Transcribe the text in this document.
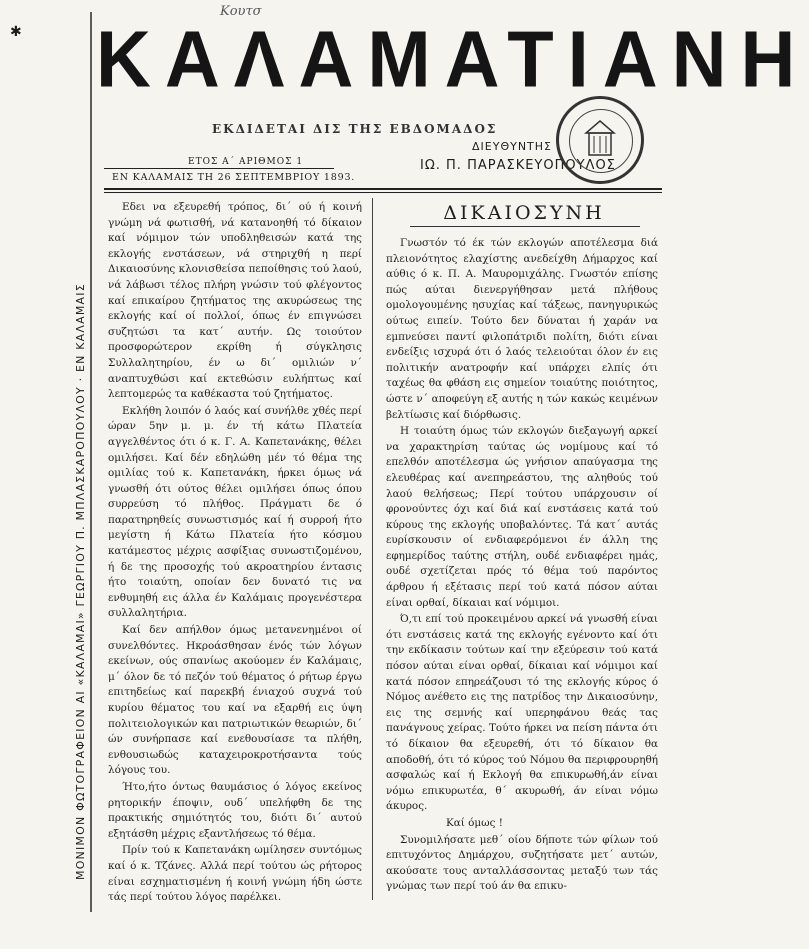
✱
Κουτσ
ΜΟΝΙΜΟΝ ΦΩΤΟΓΡΑΦΕΙΟΝ ΑΙ «ΚΑΛΑΜΑΙ» ΓΕΩΡΓΙΟΥ Π. ΜΠΛΑΣΚΑΡΟΠΟΥΛΟΥ · ΕΝ ΚΑΛΑΜΑΙΣ
ΚΑΛΑΜΑΤΙΑΝΗ
ΕΚΔΙΔΕΤΑΙ ΔΙΣ ΤΗΣ ΕΒΔΟΜΑΔΟΣ
ΔΙΕΥΘΥΝΤΗΣ
ΙΩ. Π. ΠΑΡΑΣΚΕΥΟΠΟΥΛΟΣ
ΕΤΟΣ Α΄ ΑΡΙΘΜΟΣ 1
ΕΝ ΚΑΛΑΜΑΙΣ ΤΗ 26 ΣΕΠΤΕΜΒΡΙΟΥ 1893.

Εδει να εξευρεθή τρόπος, δι΄ ού ή κοινή γνώμη νά φωτισθή, νά κατανοηθή τό δίκαιον καί νόμιμον τών υποδληθεισών κατά της εκλογής ενστάσεων, νά στηριχθή η περί Δικαιοσύνης κλονισθείσα πεποίθησις τού λαού, νά λάβωσι τέλος πλήρη γνώσιν τού φλέγοντος καί επικαίρου ζητήματος της ακυρώσεως της εκλογής καί οί πολλοί, όπως έν επιγνώσει συζητώσι τα κατ΄ αυτήν. Ως τοιούτον προσφορώτερον εκρίθη ή σύγκλησις Συλλαλητηρίου, έν ω δι΄ ομιλιών ν΄ αναπτυχθώσι καί εκτεθώσιν ευλήπτως καί λεπτομερώς τα καθέκαστα τού ζητήματος.

Εκλήθη λοιπόν ό λαός καί συνήλθε χθές περί ώραν 5ην μ. μ. έν τή κάτω Πλατεία αγγελθέντος ότι ό κ. Γ. Α. Καπετανάκης, θέλει ομιλήσει. Καί δέν εδηλώθη μέν τό θέμα της ομιλίας τού κ. Καπετανάκη, ήρκει όμως νά γνωσθή ότι ούτος θέλει ομιλήσει όπως όπου συρρεύση τό πλήθος. Πράγματι δε ό παρατηρηθείς συνωστισμός καί ή συρροή ήτο μεγίστη ή Κάτω Πλατεία ήτο κόσμου κατάμεστος μέχρις ασφίξιας συνωστιζομένου, ή δε της προσοχής τού ακροατηρίου έντασις ήτο τοιαύτη, οποίαν δεν δυνατό τις να ενθυμηθή εις άλλα έν Καλάμαις προγενέστερα συλλαλητήρια.

Καί δεν απήλθον όμως μετανενημένοι οί συνελθόντες. Ηκροάσθησαν ένός τών λόγων εκείνων, ούς σπανίως ακούομεν έν Καλάμαις, μ΄ όλον δε τό πεζόν τού θέματος ό ρήτωρ έργω επιτηδείως καί παρεκβή ένιαχού συχνά τού κυρίου θέματος του καί να εξαρθή εις ύψη πολιτειολογικών και πατριωτικών θεωριών, δι΄ ών συνήρπασε καί ενεθουσίασε τα πλήθη, ενθουσιωδώς καταχειροκροτήσαντα τούς λόγους του.

Ήτο,ήτο όντως θαυμάσιος ό λόγος εκείνος ρητορικήν έποψιν, ουδ΄ υπελήφθη δε της πρακτικής σημιότητός του, διότι δι΄ αυτού εξητάσθη μέχρις εξαντλήσεως τό θέμα.

Πρίν τού κ Καπετανάκη ωμίλησεν συντόμως καί ό κ. Τζάνες. Αλλά περί τούτου ώς ρήτορος είναι εσχηματισμένη ή κοινή γνώμη ήδη ώστε τάς περί τούτου λόγος παρέλκει.

ΔΙΚΑΙΟΣΥΝΗ

Γνωστόν τό έκ τών εκλογών αποτέλεσμα διά πλειονότητος ελαχίστης ανεδείχθη Δήμαρχος καί αύθις ό κ. Π. Α. Μαυρομιχάλης. Γνωστόν επίσης πώς αύται διενεργήθησαν μετά πλήθους ομολογουμένης ησυχίας καί τάξεως, πανηγυρικώς ούτως ειπείν. Τούτο δεν δύναται ή χαράν να εμπνεύσει παντί φιλοπάτριδι πολίτη, διότι είναι ενδείξις ισχυρά ότι ό λαός τελειούται όλον έν εις πολιτικήν ανατροφήν καί υπάρχει ελπίς ότι ταχέως θα φθάση εις σημείον τοιαύτης ποιότητος, ώστε ν΄ αποφεύγη εξ αυτής η τών κακώς κειμένων βελτίωσις καί διόρθωσις.

Η τοιαύτη όμως τών εκλογών διεξαγωγή αρκεί να χαρακτηρίση ταύτας ώς νομίμους καί τό επελθόν αποτέλεσμα ώς γνήσιον απαύγασμα της ελευθέρας καί ανεπηρεάστου, της αληθούς τού λαού θελήσεως; Περί τούτου υπάρχουσιν οί φρονούντες όχι καί διά καί ενστάσεις κατά τού κύρους της εκλογής υποβαλόντες. Τά κατ΄ αυτάς ευρίσκουσιν οί ενδιαφερόμενοι έν άλλη της εφημερίδος ταύτης στήλη, ουδέ ενδιαφέρει ημάς, ουδέ σχετίζεται πρός τό θέμα τού παρόντος άρθρου ή εξέτασις περί τού κατά πόσον αύται είναι ορθαί, δίκαιαι καί νόμιμοι.

Ό,τι επί τού προκειμένου αρκεί νά γνωσθή είναι ότι ενστάσεις κατά της εκλογής εγένοντο καί ότι την εκδίκασιν τούτων καί την εξεύρεσιν τού κατά πόσον αύται είναι ορθαί, δίκαιαι καί νόμιμοι καί κατά πόσον επηρεάζουσι τό της εκλογής κύρος ό Νόμος ανέθετο εις της πατρίδος την Δικαιοσύνην, εις της σεμνής καί υπερηφάνου θεάς τας πανάγνους χείρας. Τούτο ήρκει να πείση πάντα ότι τό δίκαιον θα εξευρεθή, ότι τό δίκαιον θα αποδοθή, ότι τό κύρος τού Νόμου θα περιφρουρηθή ασφαλώς καί ή Εκλογή θα επικυρωθή,άν είναι νόμω επικυρωτέα, θ΄ ακυρωθή, άν είναι νόμω άκυρος.

Καί όμως !

Συνομιλήσατε μεθ΄ οίου δήποτε τών φίλων τού επιτυχόντος Δημάρχου, συζητήσατε μετ΄ αυτών, ακούσατε τους ανταλλάσσοντας μεταξύ των τάς γνώμας των περί τού άν θα επικυ-
